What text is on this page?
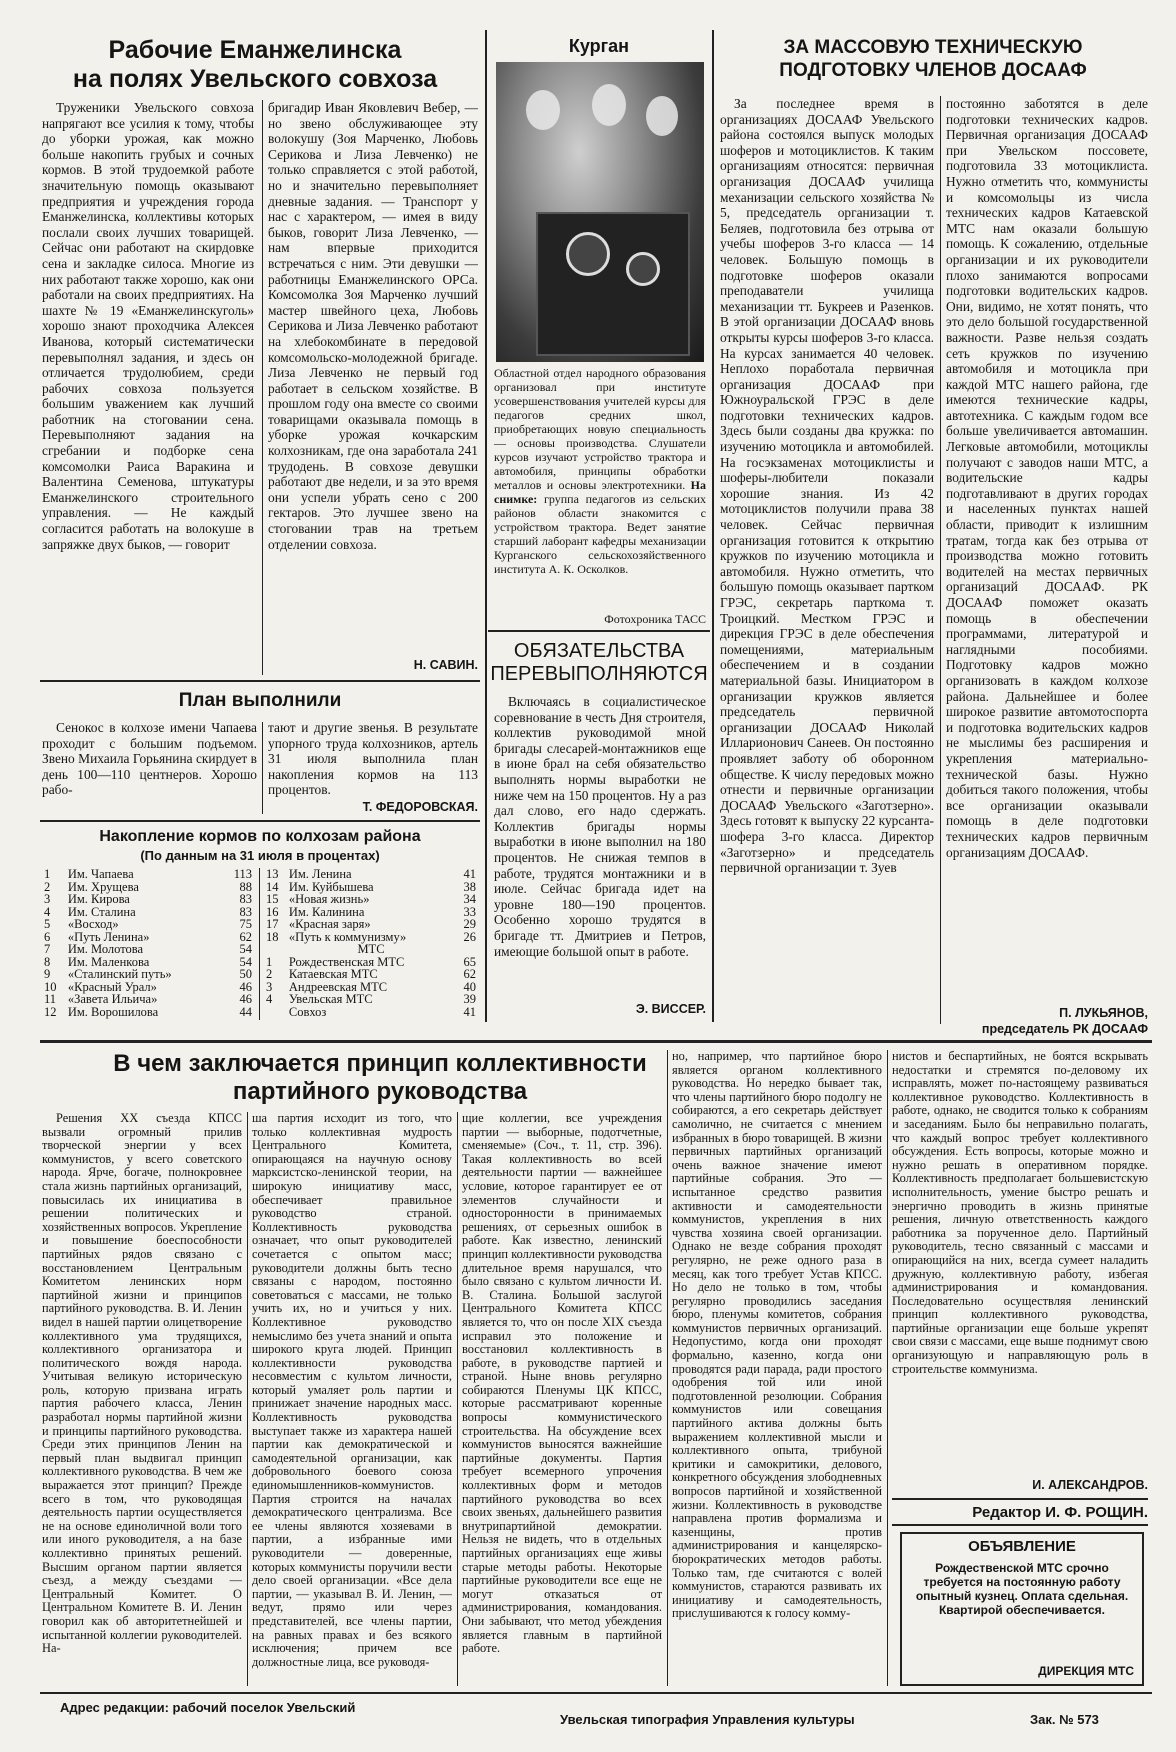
Рабочие Еманжелинска
на полях Увельского совхоза

Труженики Увельского совхоза напрягают все усилия к тому, чтобы до уборки урожая, как можно больше накопить грубых и сочных кормов. В этой трудоемкой работе значительную помощь оказывают предприятия и учреждения города Еманжелинска, коллективы которых послали своих лучших товарищей. Сейчас они работают на скирдовке сена и закладке силоса. Многие из них работают также хорошо, как они работали на своих предприятиях. На шахте № 19 «Еманжелинскуголь» хорошо знают проходчика Алексея Иванова, который систематически перевыполнял задания, и здесь он отличается трудолюбием, среди рабочих совхоза пользуется большим уважением как лучший работник на стоговании сена. Перевыполняют задания на сгребании и подборке сена комсомолки Раиса Варакина и Валентина Семенова, штукатуры Еманжелинского строительного управления. — Не каждый согласится работать на волокуше в запряжке двух быков, — говорит

бригадир Иван Яковлевич Вебер, — но звено обслуживающее эту волокушу (Зоя Марченко, Любовь Серикова и Лиза Левченко) не только справляется с этой работой, но и значительно перевыполняет дневные задания. — Транспорт у нас с характером, — имея в виду быков, говорит Лиза Левченко, — нам впервые приходится встречаться с ним. Эти девушки — работницы Еманжелинского ОРСа. Комсомолка Зоя Марченко лучший мастер швейного цеха, Любовь Серикова и Лиза Левченко работают на хлебокомбинате в передовой комсомольско-молодежной бригаде. Лиза Левченко не первый год работает в сельском хозяйстве. В прошлом году она вместе со своими товарищами оказывала помощь в уборке урожая кочкарским колхозникам, где она заработала 241 трудодень. В совхозе девушки работают две недели, и за это время они успели убрать сено с 200 гектаров. Это лучшее звено на стоговании трав на третьем отделении совхоза.

Н. САВИН.
План выполнили

Сенокос в колхозе имени Чапаева проходит с большим подъемом. Звено Михаила Горьянина скирдует в день 100—110 центнеров. Хорошо рабо-

тают и другие звенья. В результате упорного труда колхозников, артель 31 июля выполнила план накопления кормов на 113 процентов.

Т. ФЕДОРОВСКАЯ.
Накопление кормов по колхозам района
(По данным на 31 июля в процентах)
1	Им. Чапаева	113
2	Им. Хрущева	88
3	Им. Кирова	83
4	Им. Сталина	83
5	«Восход»	75
6	«Путь Ленина»	62
7	Им. Молотова	54
8	Им. Маленкова	54
9	«Сталинский путь»	50
10	«Красный Урал»	46
11	«Завета Ильича»	46
12	Им. Ворошилова	44
13	Им. Ленина	41
14	Им. Куйбышева	38
15	«Новая жизнь»	34
16	Им. Калинина	33
17	«Красная заря»	29
18	«Путь к коммунизму»	26
	МТС	
1	Рождественская МТС	65
2	Катаевская МТС	62
3	Андреевская МТС	40
4	Увельская МТС	39
	Совхоз	41
Курган
Областной отдел народного образования организовал при институте усовершенствования учителей курсы для педагогов средних школ, приобретающих новую специальность — основы производства. Слушатели курсов изучают устройство трактора и автомобиля, принципы обработки металлов и основы электротехники. На снимке: группа педагогов из сельских районов области знакомится с устройством трактора. Ведет занятие старший лаборант кафедры механизации Курганского сельскохозяйственного института А. К. Осколков.
Фотохроника ТАСС
ОБЯЗАТЕЛЬСТВА
ПЕРЕВЫПОЛНЯЮТСЯ

Включаясь в социалистическое соревнование в честь Дня строителя, коллектив руководимой мной бригады слесарей-монтажников еще в июне брал на себя обязательство выполнять нормы выработки не ниже чем на 150 процентов. Ну а раз дал слово, его надо сдержать. Коллектив бригады нормы выработки в июне выполнил на 180 процентов. Не снижая темпов в работе, трудятся монтажники и в июле. Сейчас бригада идет на уровне 180—190 процентов. Особенно хорошо трудятся в бригаде тт. Дмитриев и Петров, имеющие большой опыт в работе.

Э. ВИССЕР.
ЗА МАССОВУЮ ТЕХНИЧЕСКУЮ
ПОДГОТОВКУ ЧЛЕНОВ ДОСААФ

За последнее время в организациях ДОСААФ Увельского района состоялся выпуск молодых шоферов и мотоциклистов. К таким организациям относятся: первичная организация ДОСААФ училища механизации сельского хозяйства № 5, председатель организации т. Беляев, подготовила без отрыва от учебы шоферов 3-го класса — 14 человек. Большую помощь в подготовке шоферов оказали преподаватели училища механизации тт. Букреев и Разенков. В этой организации ДОСААФ вновь открыты курсы шоферов 3-го класса. На курсах занимается 40 человек. Неплохо поработала первичная организация ДОСААФ при Южноуральской ГРЭС в деле подготовки технических кадров. Здесь были созданы два кружка: по изучению мотоцикла и автомобилей. На госэкзаменах мотоциклисты и шоферы-любители показали хорошие знания. Из 42 мотоциклистов получили права 38 человек. Сейчас первичная организация готовится к открытию кружков по изучению мотоцикла и автомобиля. Нужно отметить, что большую помощь оказывает партком ГРЭС, секретарь парткома т. Троицкий. Местком ГРЭС и дирекция ГРЭС в деле обеспечения помещениями, материальным обеспечением и в создании материальной базы. Инициатором в организации кружков является председатель первичной организации ДОСААФ Николай Илларионович Санеев. Он постоянно проявляет заботу об оборонном обществе. К числу передовых можно отнести и первичные организации ДОСААФ Увельского «Заготзерно». Здесь готовят к выпуску 22 курсанта-шофера 3-го класса. Директор «Заготзерно» и председатель первичной организации т. Зуев

постоянно заботятся в деле подготовки технических кадров. Первичная организация ДОСААФ при Увельском поссовете, подготовила 33 мотоциклиста. Нужно отметить что, коммунисты и комсомольцы из числа технических кадров Катаевской МТС нам оказали большую помощь. К сожалению, отдельные организации и их руководители плохо занимаются вопросами подготовки водительских кадров. Они, видимо, не хотят понять, что это дело большой государственной важности. Разве нельзя создать сеть кружков по изучению автомобиля и мотоцикла при каждой МТС нашего района, где имеются технические кадры, автотехника. С каждым годом все больше увеличивается автомашин. Легковые автомобили, мотоциклы получают с заводов наши МТС, а водительские кадры подготавливают в других городах и населенных пунктах нашей области, приводит к излишним тратам, тогда как без отрыва от производства можно готовить водителей на местах первичных организаций ДОСААФ. РК ДОСААФ поможет оказать помощь в обеспечении программами, литературой и наглядными пособиями. Подготовку кадров можно организовать в каждом колхозе района. Дальнейшее и более широкое развитие автомотоспорта и подготовка водительских кадров не мыслимы без расширения и укрепления материально-технической базы. Нужно добиться такого положения, чтобы все организации оказывали помощь в деле подготовки технических кадров первичным организациям ДОСААФ.

П. ЛУКЬЯНОВ,
председатель РК ДОСААФ
В чем заключается принцип коллективности
партийного руководства

Решения XX съезда КПСС вызвали огромный прилив творческой энергии у всех коммунистов, у всего советского народа. Ярче, богаче, полнокровнее стала жизнь партийных организаций, повысилась их инициатива в решении политических и хозяйственных вопросов. Укрепление и повышение боеспособности партийных рядов связано с восстановлением Центральным Комитетом ленинских норм партийной жизни и принципов партийного руководства. В. И. Ленин видел в нашей партии олицетворение коллективного ума трудящихся, коллективного организатора и политического вождя народа. Учитывая великую историческую роль, которую призвана играть партия рабочего класса, Ленин разработал нормы партийной жизни и принципы партийного руководства. Среди этих принципов Ленин на первый план выдвигал принцип коллективного руководства. В чем же выражается этот принцип? Прежде всего в том, что руководящая деятельность партии осуществляется не на основе единоличной воли того или иного руководителя, а на базе коллективно принятых решений. Высшим органом партии является съезд, а между съездами — Центральный Комитет. О Центральном Комитете В. И. Ленин говорил как об авторитетнейшей и испытанной коллегии руководителей. На-

ша партия исходит из того, что только коллективная мудрость Центрального Комитета, опирающаяся на научную основу марксистско-ленинской теории, на широкую инициативу масс, обеспечивает правильное руководство страной. Коллективность руководства означает, что опыт руководителей сочетается с опытом масс; руководители должны быть тесно связаны с народом, постоянно советоваться с массами, не только учить их, но и учиться у них. Коллективное руководство немыслимо без учета знаний и опыта широкого круга людей. Принцип коллективности руководства несовместим с культом личности, который умаляет роль партии и принижает значение народных масс. Коллективность руководства выступает также из характера нашей партии как демократической и самодеятельной организации, как добровольного боевого союза единомышленников-коммунистов. Партия строится на началах демократического централизма. Все ее члены являются хозяевами в партии, а избранные ими руководители — доверенные, которых коммунисты поручили вести дело своей организации. «Все дела партии, — указывал В. И. Ленин, — ведут, прямо или через представителей, все члены партии, на равных правах и без всякого исключения; причем все должностные лица, все руководя-

щие коллегии, все учреждения партии — выборные, подотчетные, сменяемые» (Соч., т. 11, стр. 396). Такая коллективность во всей деятельности партии — важнейшее условие, которое гарантирует ее от элементов случайности и односторонности в принимаемых решениях, от серьезных ошибок в работе. Как известно, ленинский принцип коллективности руководства длительное время нарушался, что было связано с культом личности И. В. Сталина. Большой заслугой Центрального Комитета КПСС является то, что он после XIX съезда исправил это положение и восстановил коллективность в работе, в руководстве партией и страной. Ныне вновь регулярно собираются Пленумы ЦК КПСС, которые рассматривают коренные вопросы коммунистического строительства. На обсуждение всех коммунистов выносятся важнейшие партийные документы. Партия требует всемерного упрочения коллективных форм и методов партийного руководства во всех своих звеньях, дальнейшего развития внутрипартийной демократии. Нельзя не видеть, что в отдельных партийных организациях еще живы старые методы работы. Некоторые партийные руководители все еще не могут отказаться от администрирования, командования. Они забывают, что метод убеждения является главным в партийной работе.

но, например, что партийное бюро является органом коллективного руководства. Но нередко бывает так, что члены партийного бюро подолгу не собираются, а его секретарь действует самолично, не считается с мнением избранных в бюро товарищей. В жизни первичных партийных организаций очень важное значение имеют партийные собрания. Это — испытанное средство развития активности и самодеятельности коммунистов, укрепления в них чувства хозяина своей организации. Однако не везде собрания проходят регулярно, не реже одного раза в месяц, как того требует Устав КПСС. Но дело не только в том, чтобы регулярно проводились заседания бюро, пленумы комитетов, собрания коммунистов первичных организаций. Недопустимо, когда они проходят формально, казенно, когда они проводятся ради парада, ради простого одобрения той или иной подготовленной резолюции. Собрания коммунистов или совещания партийного актива должны быть выражением коллективной мысли и коллективного опыта, трибуной критики и самокритики, делового, конкретного обсуждения злободневных вопросов партийной и хозяйственной жизни. Коллективность в руководстве направлена против формализма и казенщины, против администрирования и канцелярско-бюрократических методов работы. Только там, где считаются с волей коммунистов, стараются развивать их инициативу и самодеятельность, прислушиваются к голосу комму-

нистов и беспартийных, не боятся вскрывать недостатки и стремятся по-деловому их исправлять, может по-настоящему развиваться коллективное руководство. Коллективность в работе, однако, не сводится только к собраниям и заседаниям. Было бы неправильно полагать, что каждый вопрос требует коллективного обсуждения. Есть вопросы, которые можно и нужно решать в оперативном порядке. Коллективность предполагает большевистскую исполнительность, умение быстро решать и энергично проводить в жизнь принятые решения, личную ответственность каждого работника за порученное дело. Партийный руководитель, тесно связанный с массами и опирающийся на них, всегда сумеет наладить дружную, коллективную работу, избегая администрирования и командования. Последовательно осуществляя ленинский принцип коллективного руководства, партийные организации еще больше укрепят свои связи с массами, еще выше поднимут свою организующую и направляющую роль в строительстве коммунизма.

И. АЛЕКСАНДРОВ.
Редактор И. Ф. РОЩИН.
ОБЪЯВЛЕНИЕ
Рождественской МТС срочно требуется на постоянную работу опытный кузнец. Оплата сдельная. Квартирой обеспечивается.
ДИРЕКЦИЯ МТС
Адрес редакции: рабочий поселок Увельский
Увельская типография Управления культуры	Зак. № 573
